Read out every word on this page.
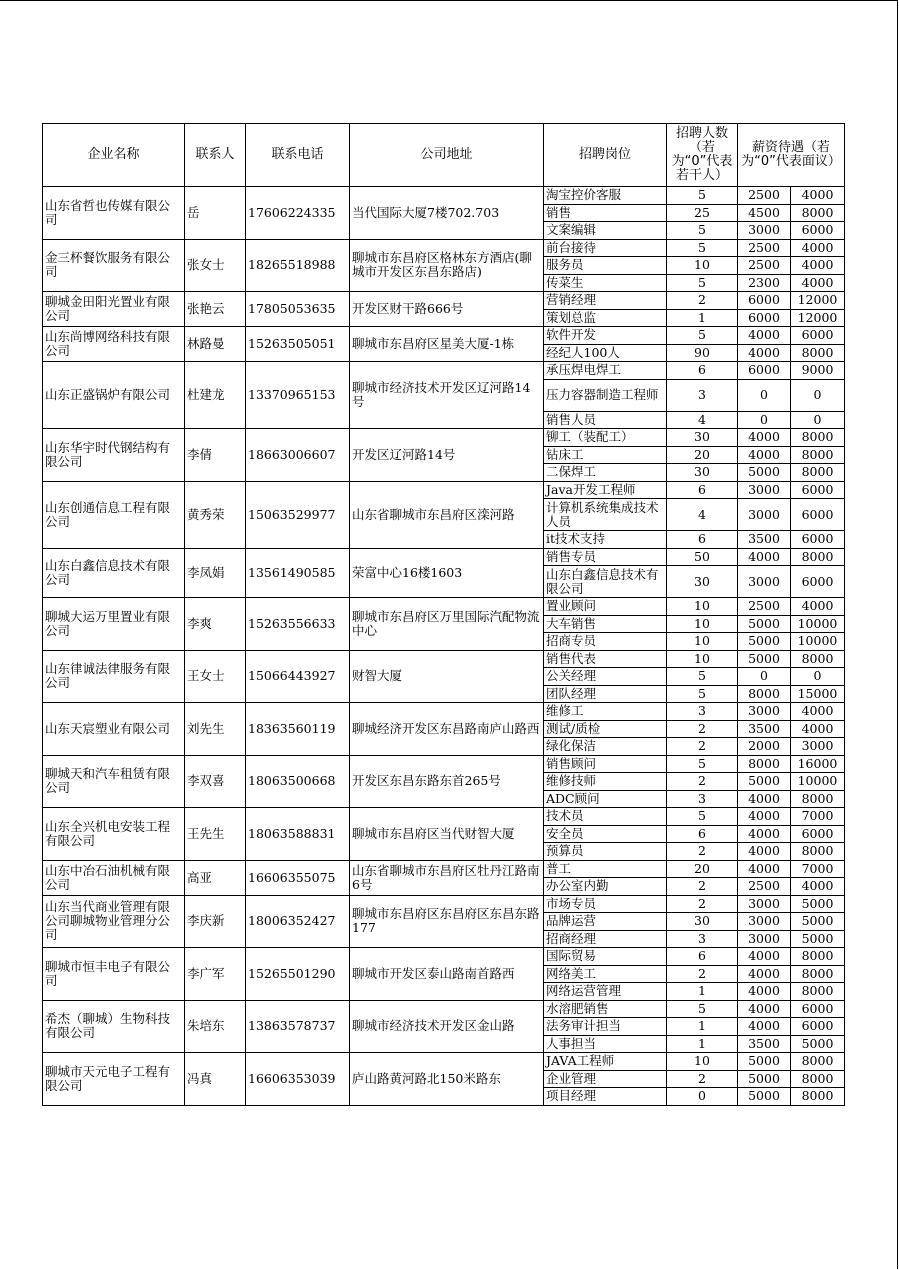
企业名称	联系人	联系电话	公司地址	招聘岗位	招聘人数（若为“0”代表若干人）	薪资待遇（若为“0”代表面议）	
山东省哲也传媒有限公司	岳	17606224335	当代国际大厦7楼702.703	淘宝控价客服	5	2500	4000
				销售	25	4500	8000
				文案编辑	5	3000	6000
金三杯餐饮服务有限公司	张女士	18265518988	聊城市东昌府区格林东方酒店(聊城市开发区东昌东路店)	前台接待	5	2500	4000
				服务员	10	2500	4000
				传菜生	5	2300	4000
聊城金田阳光置业有限公司	张艳云	17805053635	开发区财干路666号	营销经理	2	6000	12000
				策划总监	1	6000	12000
山东尚博网络科技有限公司	林路曼	15263505051	聊城市东昌府区星美大厦-1栋	软件开发	5	4000	6000
				经纪人100人	90	4000	8000
山东正盛锅炉有限公司	杜建龙	13370965153	聊城市经济技术开发区辽河路14号	承压焊电焊工	6	6000	9000
				压力容器制造工程师	3	0	0
				销售人员	4	0	0
山东华宇时代钢结构有限公司	李倩	18663006607	开发区辽河路14号	铆工（装配工）	30	4000	8000
				钻床工	20	4000	8000
				二保焊工	30	5000	8000
山东创通信息工程有限公司	黄秀荣	15063529977	山东省聊城市东昌府区滦河路	Java开发工程师	6	3000	6000
				计算机系统集成技术人员	4	3000	6000
				it技术支持	6	3500	6000
山东白鑫信息技术有限公司	李凤娟	13561490585	荣富中心16楼1603	销售专员	50	4000	8000
				山东白鑫信息技术有限公司	30	3000	6000
聊城大运万里置业有限公司	李爽	15263556633	聊城市东昌府区万里国际汽配物流中心	置业顾问	10	2500	4000
				大车销售	10	5000	10000
				招商专员	10	5000	10000
山东律诚法律服务有限公司	王女士	15066443927	财智大厦	销售代表	10	5000	8000
				公关经理	5	0	0
				团队经理	5	8000	15000
山东天宸塑业有限公司	刘先生	18363560119	聊城经济开发区东昌路南庐山路西	维修工	3	3000	4000
				测试/质检	2	3500	4000
				绿化保洁	2	2000	3000
聊城天和汽车租赁有限公司	李双喜	18063500668	开发区东昌东路东首265号	销售顾问	5	8000	16000
				维修技师	2	5000	10000
				ADC顾问	3	4000	8000
山东全兴机电安装工程有限公司	王先生	18063588831	聊城市东昌府区当代财智大厦	技术员	5	4000	7000
				安全员	6	4000	6000
				预算员	2	4000	8000
山东中冶石油机械有限公司	高亚	16606355075	山东省聊城市东昌府区牡丹江路南6号	普工	20	4000	7000
				办公室内勤	2	2500	4000
山东当代商业管理有限公司聊城物业管理分公司	李庆新	18006352427	聊城市东昌府区东昌府区东昌东路177	市场专员	2	3000	5000
				品牌运营	30	3000	5000
				招商经理	3	3000	5000
聊城市恒丰电子有限公司	李广军	15265501290	聊城市开发区泰山路南首路西	国际贸易	6	4000	8000
				网络美工	2	4000	8000
				网络运营管理	1	4000	8000
希杰（聊城）生物科技有限公司	朱培东	13863578737	聊城市经济技术开发区金山路	水溶肥销售	5	4000	6000
				法务审计担当	1	4000	6000
				人事担当	1	3500	5000
聊城市天元电子工程有限公司	冯真	16606353039	庐山路黄河路北150米路东	JAVA工程师	10	5000	8000
				企业管理	2	5000	8000
				项目经理	0	5000	8000
